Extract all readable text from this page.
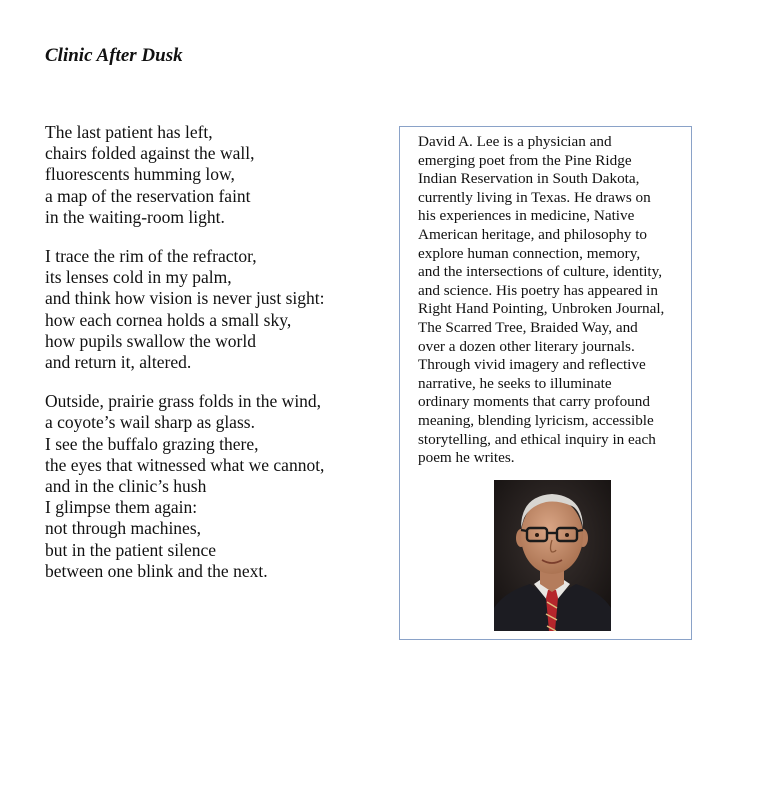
Clinic After Dusk
The last patient has left,
chairs folded against the wall,
fluorescents humming low,
a map of the reservation faint
in the waiting-room light.
I trace the rim of the refractor,
its lenses cold in my palm,
and think how vision is never just sight:
how each cornea holds a small sky,
how pupils swallow the world
and return it, altered.
Outside, prairie grass folds in the wind,
a coyote’s wail sharp as glass.
I see the buffalo grazing there,
the eyes that witnessed what we cannot,
and in the clinic’s hush
I glimpse them again:
not through machines,
but in the patient silence
between one blink and the next.

David A. Lee is a physician and
emerging poet from the Pine Ridge
Indian Reservation in South Dakota,
currently living in Texas. He draws on
his experiences in medicine, Native
American heritage, and philosophy to
explore human connection, memory,
and the intersections of culture, identity,
and science. His poetry has appeared in
Right Hand Pointing, Unbroken Journal,
The Scarred Tree, Braided Way, and
over a dozen other literary journals.
Through vivid imagery and reflective
narrative, he seeks to illuminate
ordinary moments that carry profound
meaning, blending lyricism, accessible
storytelling, and ethical inquiry in each
poem he writes.
